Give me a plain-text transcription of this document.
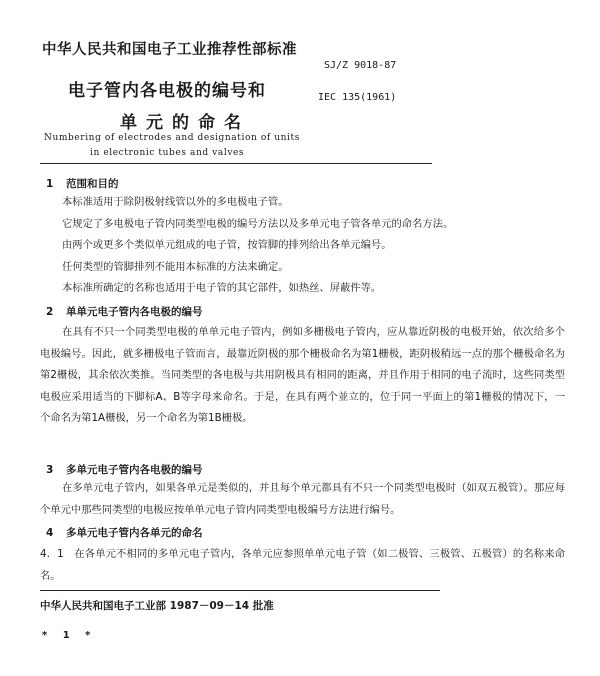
中华人民共和国电子工业推荐性部标准
SJ/Z 9018-87
电子管内各电极的编号和	IEC 135(1961)
单元的命名
Numbering of electrodes and designation of units
in electronic tubes and valves
1 范围和目的

本标准适用于除阴极射线管以外的多电极电子管。

它规定了多电极电子管内同类型电极的编号方法以及多单元电子管各单元的命名方法。

由两个或更多个类似单元组成的电子管，按管脚的排列给出各单元编号。

任何类型的管脚排列不能用本标准的方法来确定。

本标准所确定的名称也适用于电子管的其它部件，如热丝、屏蔽件等。

2 单单元电子管内各电极的编号

在具有不只一个同类型电极的单单元电子管内，例如多栅极电子管内，应从靠近阴极的电极开始，依次给多个电极编号。因此，就多栅极电子管而言，最靠近阴极的那个栅极命名为第1栅极，距阴极稍远一点的那个栅极命名为第2栅极，其余依次类推。当同类型的各电极与共用阴极具有相同的距离，并且作用于相同的电子流时，这些同类型电极应采用适当的下脚标A、B等字母来命名。于是，在具有两个並立的，位于同一平面上的第1栅极的情况下，一个命名为第1A栅极，另一个命名为第1B栅极。

3 多单元电子管内各电极的编号

在多单元电子管内，如果各单元是类似的，并且每个单元都具有不只一个同类型电极时（如双五极管）。那应每个单元中那些同类型的电极应按单单元电子管内同类型电极编号方法进行编号。

4 多单元电子管内各单元的命名

4．1　在各单元不相同的多单元电子管内，各单元应参照单单元电子管（如二极管、三极管、五极管）的名称来命名。

中华人民共和国电子工业部 1987－09－14 批准
* 1 *
